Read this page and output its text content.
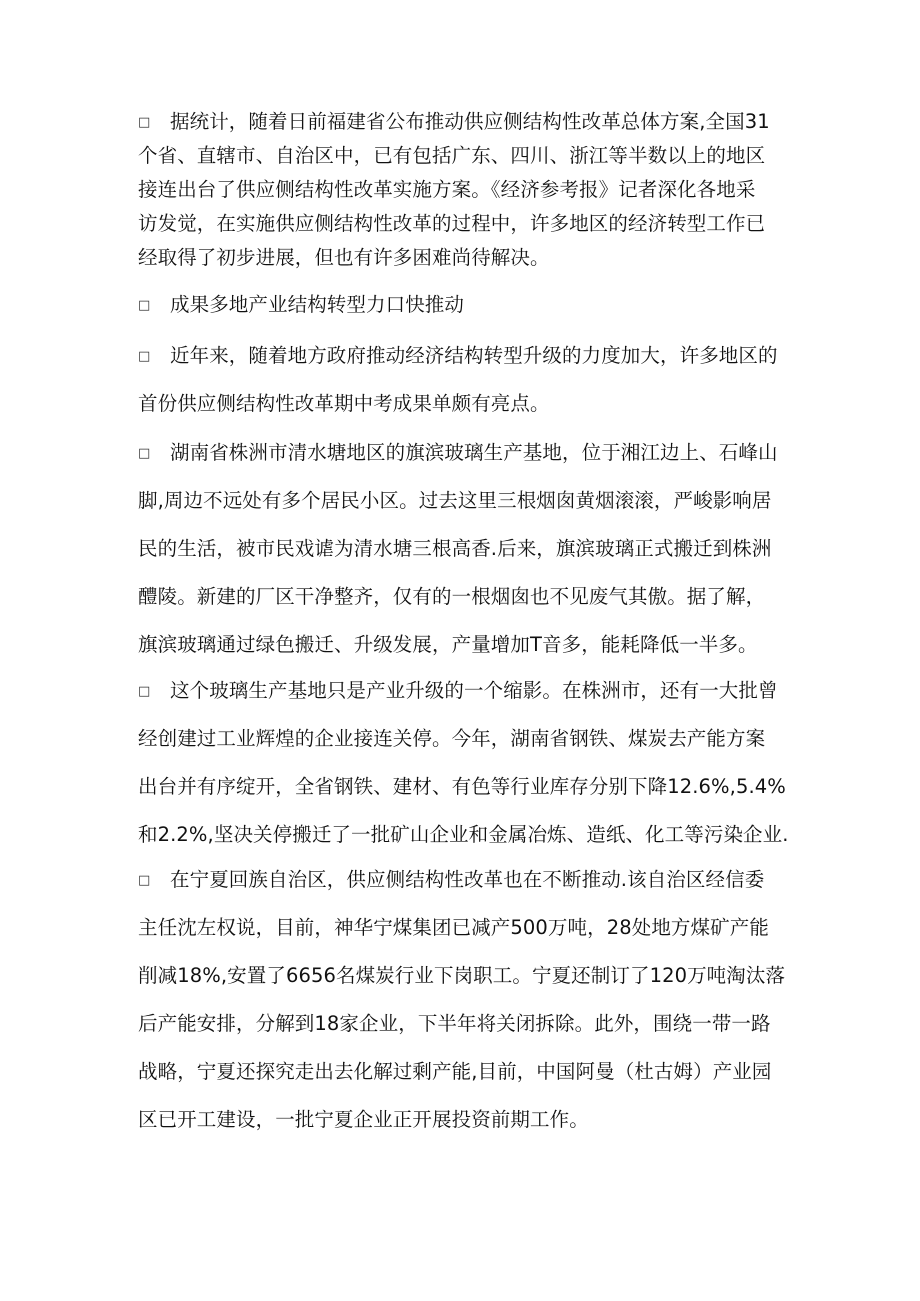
□ 据统计，随着日前福建省公布推动供应侧结构性改革总体方案,全国31
个省、直辖市、自治区中，已有包括广东、四川、浙江等半数以上的地区
接连出台了供应侧结构性改革实施方案。《经济参考报》记者深化各地采
访发觉，在实施供应侧结构性改革的过程中，许多地区的经济转型工作已
经取得了初步进展，但也有许多困难尚待解决。
□ 成果多地产业结构转型力口快推动
□ 近年来，随着地方政府推动经济结构转型升级的力度加大，许多地区的
首份供应侧结构性改革期中考成果单颇有亮点。
□ 湖南省株洲市清水塘地区的旗滨玻璃生产基地，位于湘江边上、石峰山
脚,周边不远处有多个居民小区。过去这里三根烟囱黄烟滚滚，严峻影响居
民的生活，被市民戏谑为清水塘三根高香.后来，旗滨玻璃正式搬迁到株洲
醴陵。新建的厂区干净整齐，仅有的一根烟囱也不见废气其傲。据了解，
旗滨玻璃通过绿色搬迁、升级发展，产量增加T音多，能耗降低一半多。
□ 这个玻璃生产基地只是产业升级的一个缩影。在株洲市，还有一大批曾
经创建过工业辉煌的企业接连关停。今年，湖南省钢铁、煤炭去产能方案
出台并有序绽开，全省钢铁、建材、有色等行业库存分别下降12.6%,5.4%
和2.2%,坚决关停搬迁了一批矿山企业和金属冶炼、造纸、化工等污染企业.
□ 在宁夏回族自治区，供应侧结构性改革也在不断推动.该自治区经信委
主任沈左权说，目前，神华宁煤集团已减产500万吨，28处地方煤矿产能
削减18%,安置了6656名煤炭行业下岗职工。宁夏还制订了120万吨淘汰落
后产能安排，分解到18家企业，下半年将关闭拆除。此外，围绕一带一路
战略，宁夏还探究走出去化解过剩产能,目前，中国阿曼（杜古姆）产业园
区已开工建设，一批宁夏企业正开展投资前期工作。
